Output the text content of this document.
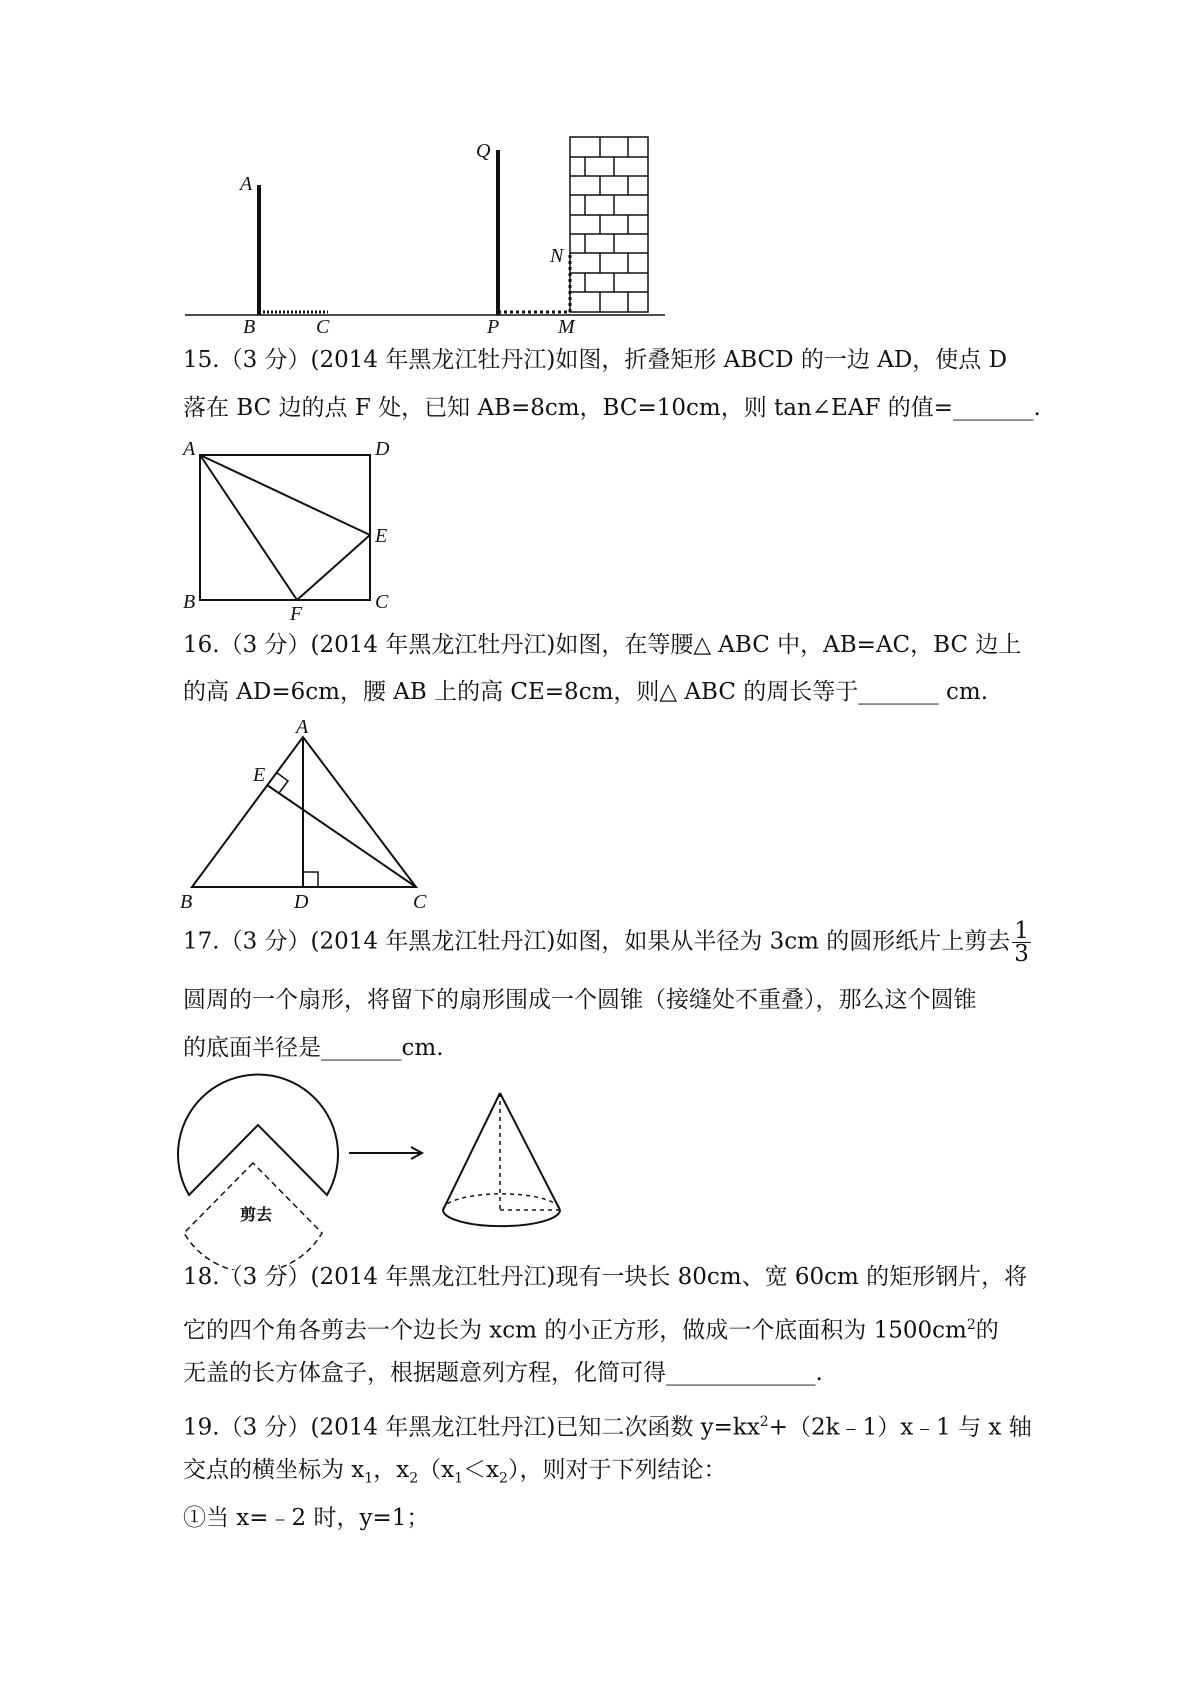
A
B	C
Q
N
P	M
15.（3 分）(2014 年黑龙江牡丹江)如图，折叠矩形 ABCD 的一边 AD，使点 D
落在 BC 边的点 F 处，已知 AB=8cm，BC=10cm，则 tan∠EAF 的值=_______.
A	D
E
B
F
C
16.（3 分）(2014 年黑龙江牡丹江)如图，在等腰△ ABC 中，AB=AC，BC 边上
的高 AD=6cm，腰 AB 上的高 CE=8cm，则△ ABC 的周长等于_______ cm.
A
E
B	D	C
17.（3 分）(2014 年黑龙江牡丹江)如图，如果从半径为 3cm 的圆形纸片上剪去 $\frac{1}{3}$
圆周的一个扇形，将留下的扇形围成一个圆锥（接缝处不重叠），那么这个圆锥
的底面半径是_______cm.
剪去
18.（3 分）(2014 年黑龙江牡丹江)现有一块长 80cm、宽 60cm 的矩形钢片，将
它的四个角各剪去一个边长为 xcm 的小正方形，做成一个底面积为 $1500cm^2$的
无盖的长方体盒子，根据题意列方程，化简可得_____________.
19.（3 分）(2014 年黑龙江牡丹江)已知二次函数 $y=kx^2+(2k﹣1)x﹣1$ 与 x 轴
交点的横坐标为 $x_1$，$x_2(x_1<x_2)$，则对于下列结论：
①当 x=﹣2 时，y=1；
